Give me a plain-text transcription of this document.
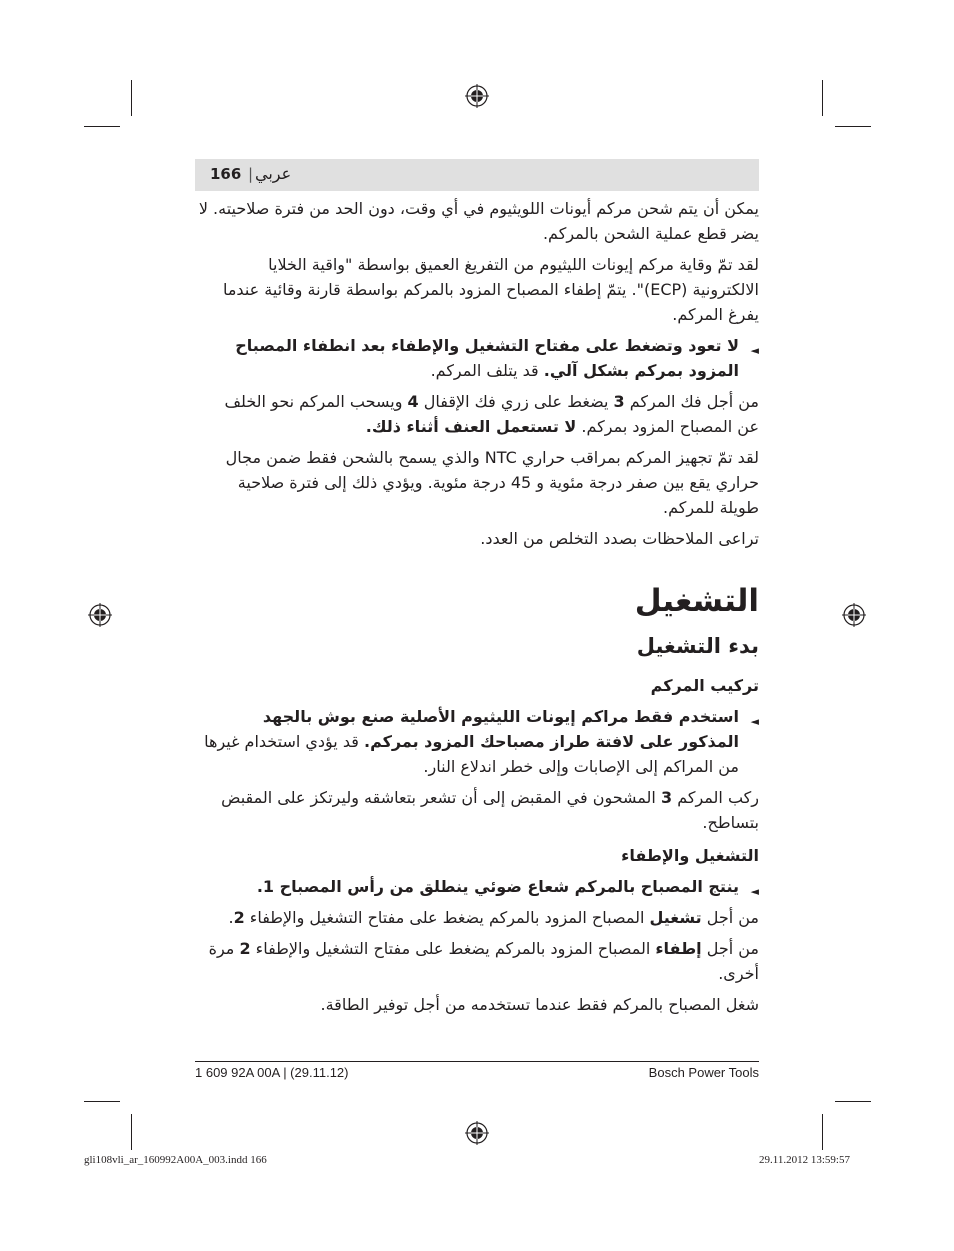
166 | عربي

يمكن أن يتم شحن مركم أيونات اللويثيوم في أي وقت، دون الحد من فترة صلاحيته. لا يضر قطع عملية الشحن بالمركم.

لقد تمّ وقاية مركم إيونات الليثيوم من التفريغ العميق بواسطة "واقية الخلايا الالكترونية (ECP)". يتمّ إطفاء المصباح المزود بالمركم بواسطة قارنة وقائية عندما يفرغ المركم.

◄
لا تعود وتضغط على مفتاح التشغيل والإطفاء بعد انطفاء المصباح المزود بمركم بشكل آلي. قد يتلف المركم.

من أجل فك المركم 3 يضغط على زري فك الإقفال 4 ويسحب المركم نحو الخلف عن المصباح المزود بمركم. لا تستعمل العنف أثناء ذلك.

لقد تمّ تجهيز المركم بمراقب حراري NTC والذي يسمح بالشحن فقط ضمن مجال حراري يقع بين صفر درجة مئوية و 45 درجة مئوية. ويؤدي ذلك إلى فترة صلاحية طويلة للمركم.

تراعى الملاحظات بصدد التخلص من العدد.

التشغيل
بدء التشغيل
تركيب المركم
◄
استخدم فقط مراكم إيونات الليثيوم الأصلية صنع بوش بالجهد المذكور على لافتة طراز مصباحك المزود بمركم. قد يؤدي استخدام غيرها من المراكم إلى الإصابات وإلى خطر اندلاع النار.

ركب المركم 3 المشحون في المقبض إلى أن تشعر بتعاشقه وليرتكز على المقبض بتساطح.

التشغيل والإطفاء
◄
ينتج المصباح بالمركم شعاع ضوئي ينطلق من رأس المصباح 1.

من أجل تشغيل المصباح المزود بالمركم يضغط على مفتاح التشغيل والإطفاء 2.

من أجل إطفاء المصباح المزود بالمركم يضغط على مفتاح التشغيل والإطفاء 2 مرة أخرى.

شغل المصباح بالمركم فقط عندما تستخدمه من أجل توفير الطاقة.

1 609 92A 00A | (29.11.12)	Bosch Power Tools
gli108vli_ar_160992A00A_003.indd 166	29.11.2012 13:59:57
